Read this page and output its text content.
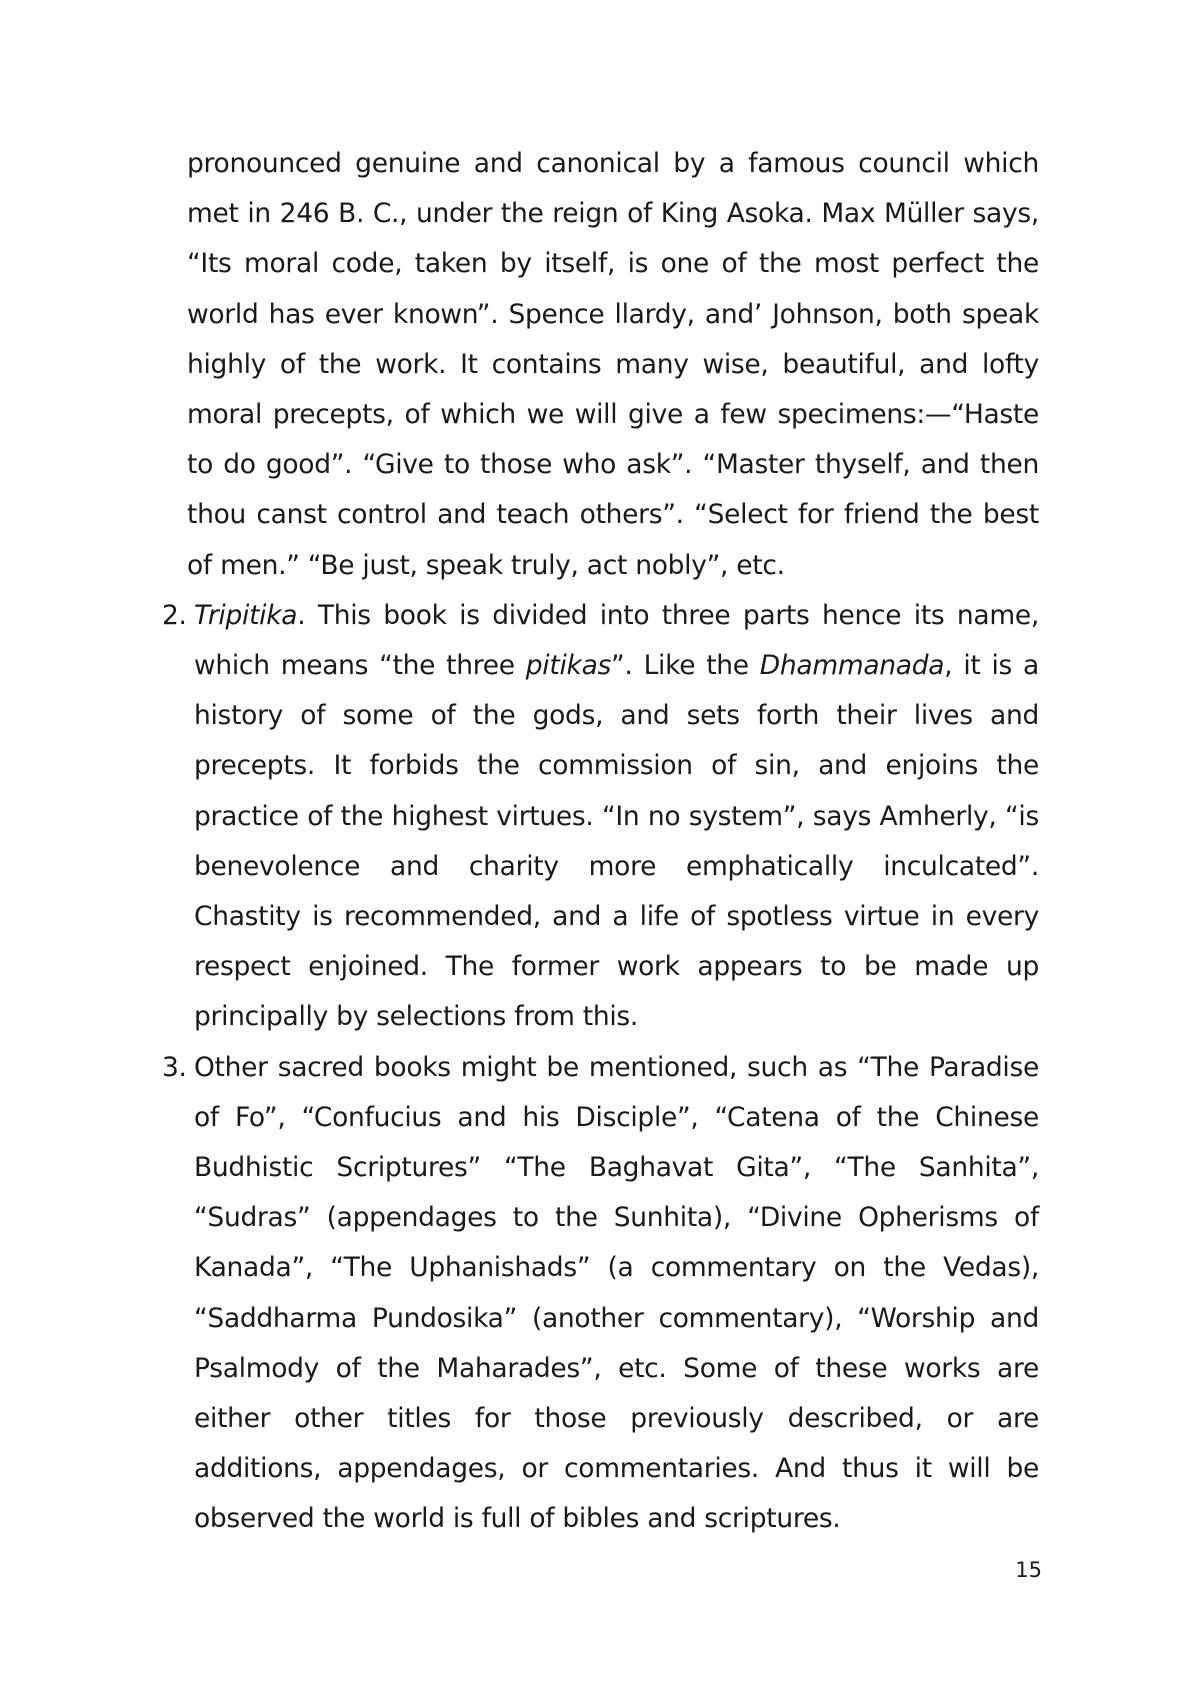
pronounced genuine and canonical by a famous council which met in 246 B. C., under the reign of King Asoka. Max Müller says, “Its moral code, taken by itself, is one of the most perfect the world has ever known”. Spence llardy, and’ Johnson, both speak highly of the work. It contains many wise, beautiful, and lofty moral precepts, of which we will give a few specimens:—“Haste to do good”. “Give to those who ask”. “Master thyself, and then thou canst control and teach others”. “Select for friend the best of men.” “Be just, speak truly, act nobly”, etc.

2. Tripitika. This book is divided into three parts hence its name, which means “the three pitikas”. Like the Dhammanada, it is a history of some of the gods, and sets forth their lives and precepts. It forbids the commission of sin, and enjoins the practice of the highest virtues. “In no system”, says Amherly, “is benevolence and charity more emphatically inculcated”. Chastity is recommended, and a life of spotless virtue in every respect enjoined. The former work appears to be made up principally by selections from this.

3. Other sacred books might be mentioned, such as “The Paradise of Fo”, “Confucius and his Disciple”, “Catena of the Chinese Budhistic Scriptures” “The Baghavat Gita”, “The Sanhita”, “Sudras” (appendages to the Sunhita), “Divine Opherisms of Kanada”, “The Uphanishads” (a commentary on the Vedas), “Saddharma Pundosika” (another commentary), “Worship and Psalmody of the Maharades”, etc. Some of these works are either other titles for those previously described, or are additions, appendages, or commentaries. And thus it will be observed the world is full of bibles and scriptures.

15
